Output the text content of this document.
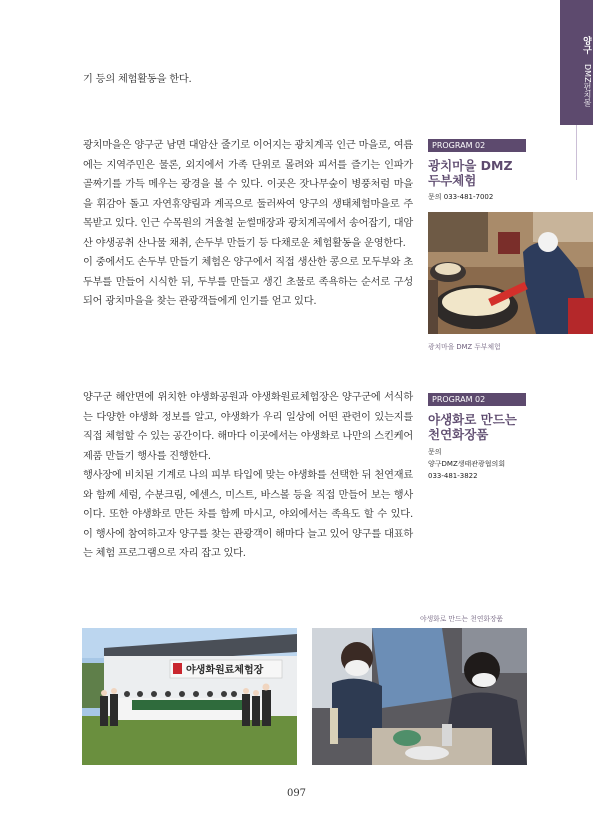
양구
DMZ펀치볼

기 등의 체험활동을 한다.

광치마을은 양구군 남면 대암산 줄기로 이어지는 광치계곡 인근 마을로, 여름에는 지역주민은 물론, 외지에서 가족 단위로 몰려와 피서를 즐기는 인파가 골짜기를 가득 메우는 광경을 볼 수 있다. 이곳은 잣나무숲이 병풍처럼 마을을 휘감아 돌고 자연휴양림과 계곡으로 둘러싸여 양구의 생태체험마을로 주목받고 있다. 인근 수목원의 겨울철 눈썰매장과 광치계곡에서 송어잡기, 대암산 야생공취 산나물 채취, 손두부 만들기 등 다채로운 체험활동을 운영한다.

이 중에서도 손두부 만들기 체험은 양구에서 직접 생산한 콩으로 모두부와 초두부를 만들어 시식한 뒤, 두부를 만들고 생긴 초물로 족욕하는 순서로 구성되어 광치마을을 찾는 관광객들에게 인기를 얻고 있다.

PROGRAM 02

광치마을 DMZ
두부체험

문의 033-481-7002

광치마을 DMZ 두부체험

양구군 해안면에 위치한 야생화공원과 야생화원료체험장은 양구군에 서식하는 다양한 야생화 정보를 알고, 야생화가 우리 일상에 어떤 관련이 있는지를 직접 체험할 수 있는 공간이다. 해마다 이곳에서는 야생화로 나만의 스킨케어 제품 만들기 행사를 진행한다.

행사장에 비치된 기계로 나의 피부 타입에 맞는 야생화를 선택한 뒤 천연재료와 함께 세럼, 수분크림, 에센스, 미스트, 바스볼 등을 직접 만들어 보는 행사이다. 또한 야생화로 만든 차를 함께 마시고, 야외에서는 족욕도 할 수 있다. 이 행사에 참여하고자 양구를 찾는 관광객이 해마다 늘고 있어 양구를 대표하는 체험 프로그램으로 자리 잡고 있다.

PROGRAM 02

야생화로 만드는
천연화장품

문의
양구DMZ생태관광협의회
033-481-3822

야생화로 만드는 천연화장품
야생화원료체험장
097
